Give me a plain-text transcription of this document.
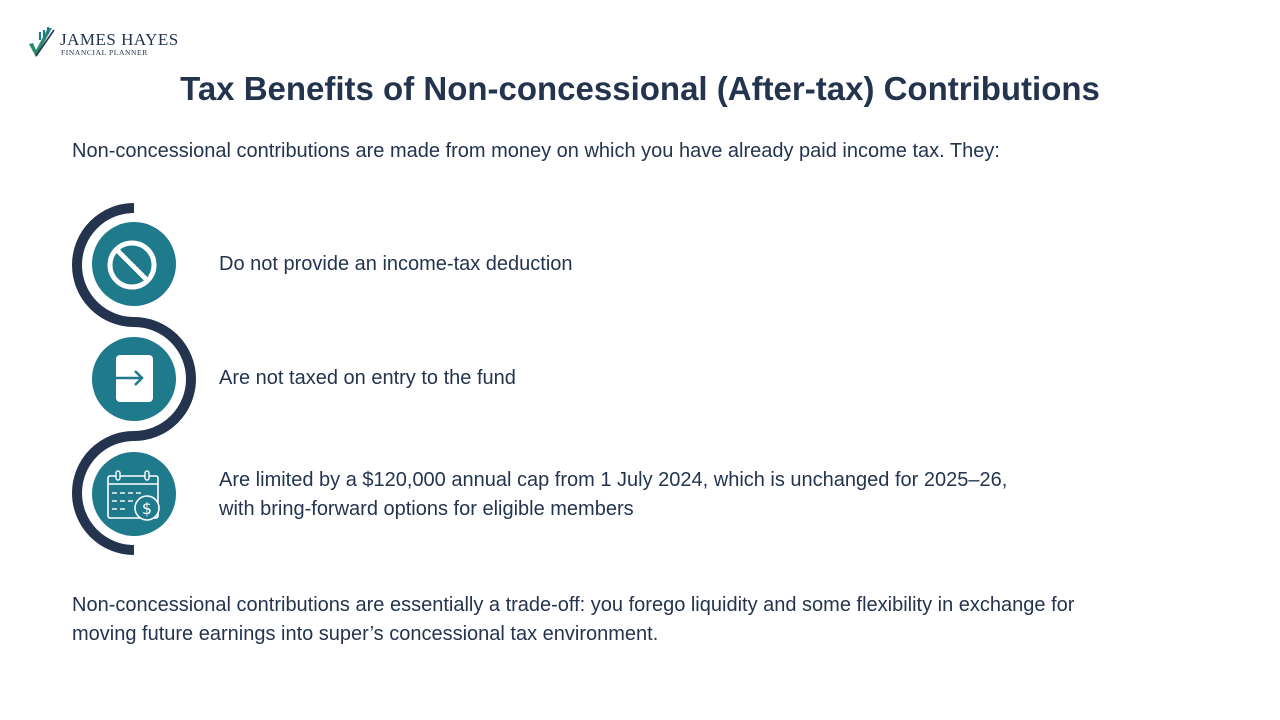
JAMES HAYES
FINANCIAL PLANNER
Tax Benefits of Non-concessional (After-tax) Contributions

Non-concessional contributions are made from money on which you have already paid income tax. They:

Do not provide an income-tax deduction

Are not taxed on entry to the fund

$

Are limited by a $120,000 annual cap from 1 July 2024, which is unchanged for 2025–26,
with bring-forward options for eligible members

Non-concessional contributions are essentially a trade-off: you forego liquidity and some flexibility in exchange for
moving future earnings into super’s concessional tax environment.
